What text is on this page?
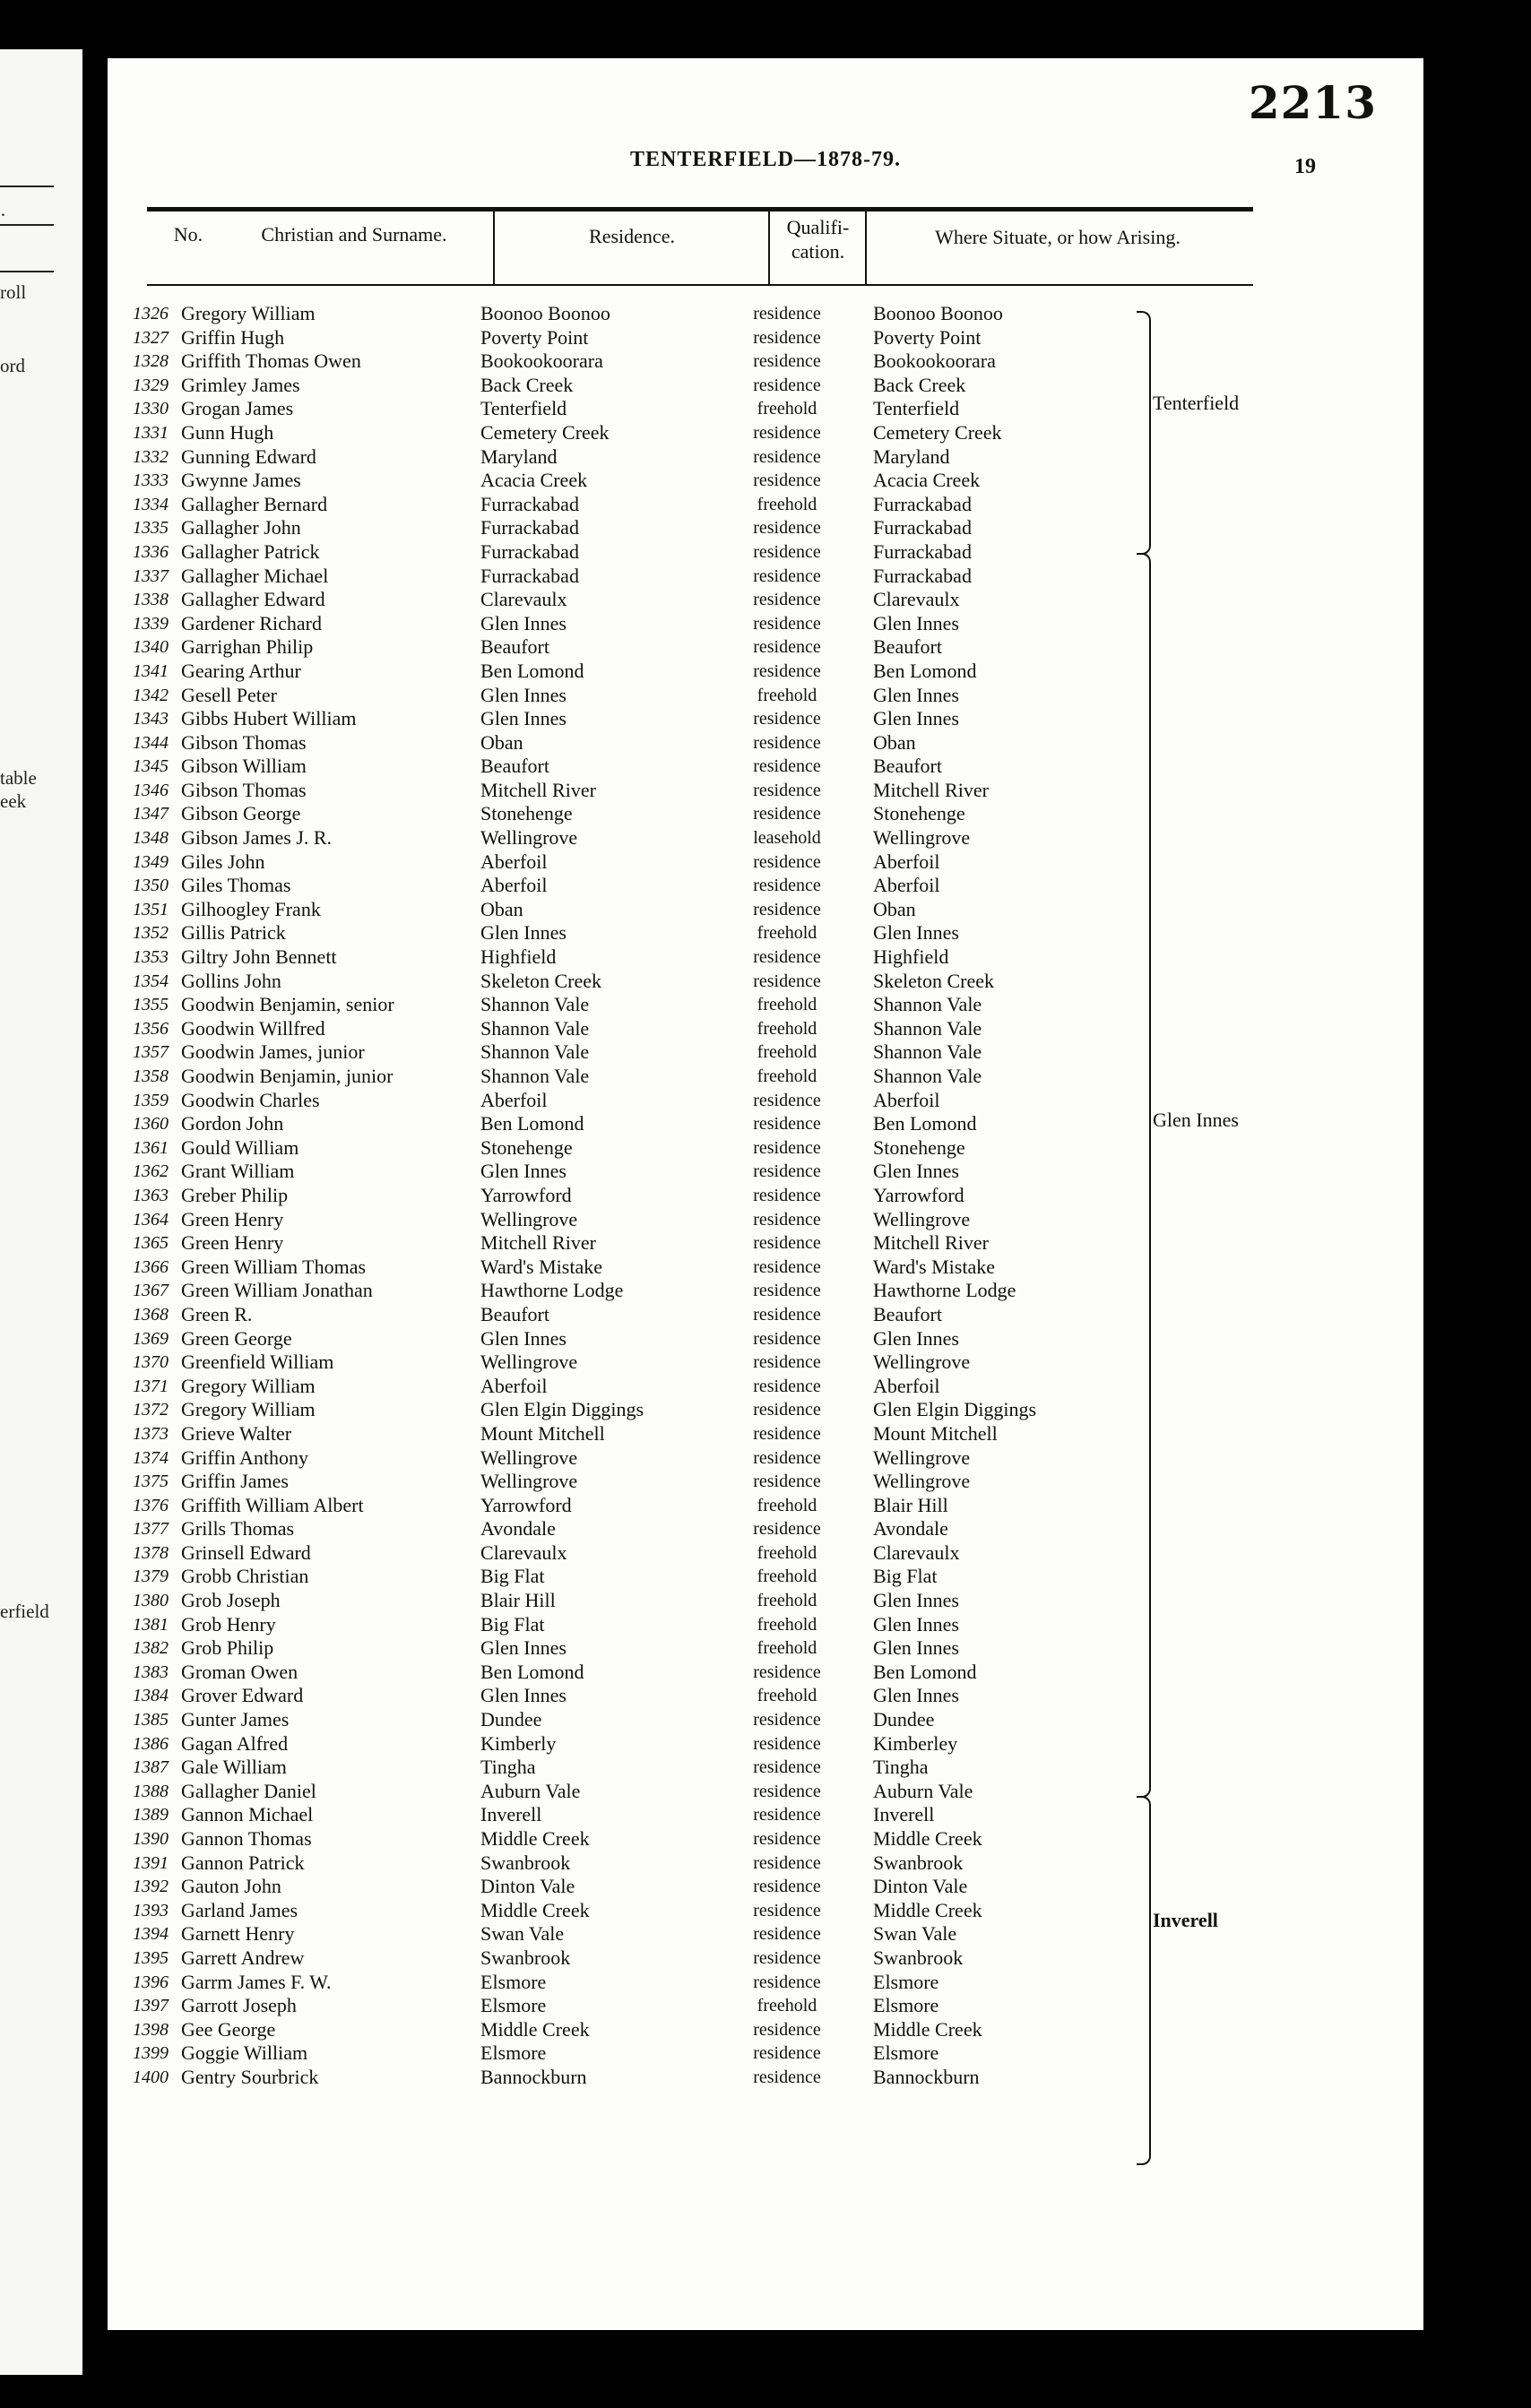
·
roll
ord
table
eek
erfield
2213
TENTERFIELD—1878-79.	19
No.	Christian and Surname.	Residence.	Qualifi-
cation.
Where Situate, or how Arising.
1326 Gregory William	Boonoo Boonoo	residence	Boonoo Boonoo
1327 Griffin Hugh	Poverty Point	residence	Poverty Point
1328 Griffith Thomas Owen	Bookookoorara	residence	Bookookoorara
1329 Grimley James	Back Creek	residence	Back Creek
1330 Grogan James	Tenterfield	freehold	Tenterfield
1331 Gunn Hugh	Cemetery Creek	residence	Cemetery Creek
1332 Gunning Edward	Maryland	residence	Maryland
1333 Gwynne James	Acacia Creek	residence	Acacia Creek
1334 Gallagher Bernard	Furrackabad	freehold	Furrackabad
1335 Gallagher John	Furrackabad	residence	Furrackabad
1336 Gallagher Patrick	Furrackabad	residence	Furrackabad
1337 Gallagher Michael	Furrackabad	residence	Furrackabad
1338 Gallagher Edward	Clarevaulx	residence	Clarevaulx
1339 Gardener Richard	Glen Innes	residence	Glen Innes
1340 Garrighan Philip	Beaufort	residence	Beaufort
1341 Gearing Arthur	Ben Lomond	residence	Ben Lomond
1342 Gesell Peter	Glen Innes	freehold	Glen Innes
1343 Gibbs Hubert William	Glen Innes	residence	Glen Innes
1344 Gibson Thomas	Oban	residence	Oban
1345 Gibson William	Beaufort	residence	Beaufort
1346 Gibson Thomas	Mitchell River	residence	Mitchell River
1347 Gibson George	Stonehenge	residence	Stonehenge
1348 Gibson James J. R.	Wellingrove	leasehold	Wellingrove
1349 Giles John	Aberfoil	residence	Aberfoil
1350 Giles Thomas	Aberfoil	residence	Aberfoil
1351 Gilhoogley Frank	Oban	residence	Oban
1352 Gillis Patrick	Glen Innes	freehold	Glen Innes
1353 Giltry John Bennett	Highfield	residence	Highfield
1354 Gollins John	Skeleton Creek	residence	Skeleton Creek
1355 Goodwin Benjamin, senior	Shannon Vale	freehold	Shannon Vale
1356 Goodwin Willfred	Shannon Vale	freehold	Shannon Vale
1357 Goodwin James, junior	Shannon Vale	freehold	Shannon Vale
1358 Goodwin Benjamin, junior	Shannon Vale	freehold	Shannon Vale
1359 Goodwin Charles	Aberfoil	residence	Aberfoil
1360 Gordon John	Ben Lomond	residence	Ben Lomond
1361 Gould William	Stonehenge	residence	Stonehenge
1362 Grant William	Glen Innes	residence	Glen Innes
1363 Greber Philip	Yarrowford	residence	Yarrowford
1364 Green Henry	Wellingrove	residence	Wellingrove
1365 Green Henry	Mitchell River	residence	Mitchell River
1366 Green William Thomas	Ward's Mistake	residence	Ward's Mistake
1367 Green William Jonathan	Hawthorne Lodge	residence	Hawthorne Lodge
1368 Green R.	Beaufort	residence	Beaufort
1369 Green George	Glen Innes	residence	Glen Innes
1370 Greenfield William	Wellingrove	residence	Wellingrove
1371 Gregory William	Aberfoil	residence	Aberfoil
1372 Gregory William	Glen Elgin Diggings	residence	Glen Elgin Diggings
1373 Grieve Walter	Mount Mitchell	residence	Mount Mitchell
1374 Griffin Anthony	Wellingrove	residence	Wellingrove
1375 Griffin James	Wellingrove	residence	Wellingrove
1376 Griffith William Albert	Yarrowford	freehold	Blair Hill
1377 Grills Thomas	Avondale	residence	Avondale
1378 Grinsell Edward	Clarevaulx	freehold	Clarevaulx
1379 Grobb Christian	Big Flat	freehold	Big Flat
1380 Grob Joseph	Blair Hill	freehold	Glen Innes
1381 Grob Henry	Big Flat	freehold	Glen Innes
1382 Grob Philip	Glen Innes	freehold	Glen Innes
1383 Groman Owen	Ben Lomond	residence	Ben Lomond
1384 Grover Edward	Glen Innes	freehold	Glen Innes
1385 Gunter James	Dundee	residence	Dundee
1386 Gagan Alfred	Kimberly	residence	Kimberley
1387 Gale William	Tingha	residence	Tingha
1388 Gallagher Daniel	Auburn Vale	residence	Auburn Vale
1389 Gannon Michael	Inverell	residence	Inverell
1390 Gannon Thomas	Middle Creek	residence	Middle Creek
1391 Gannon Patrick	Swanbrook	residence	Swanbrook
1392 Gauton John	Dinton Vale	residence	Dinton Vale
1393 Garland James	Middle Creek	residence	Middle Creek
1394 Garnett Henry	Swan Vale	residence	Swan Vale
1395 Garrett Andrew	Swanbrook	residence	Swanbrook
1396 Garrm James F. W.	Elsmore	residence	Elsmore
1397 Garrott Joseph	Elsmore	freehold	Elsmore
1398 Gee George	Middle Creek	residence	Middle Creek
1399 Goggie William	Elsmore	residence	Elsmore
1400 Gentry Sourbrick	Bannockburn	residence	Bannockburn
Tenterfield
Glen Innes
Inverell
